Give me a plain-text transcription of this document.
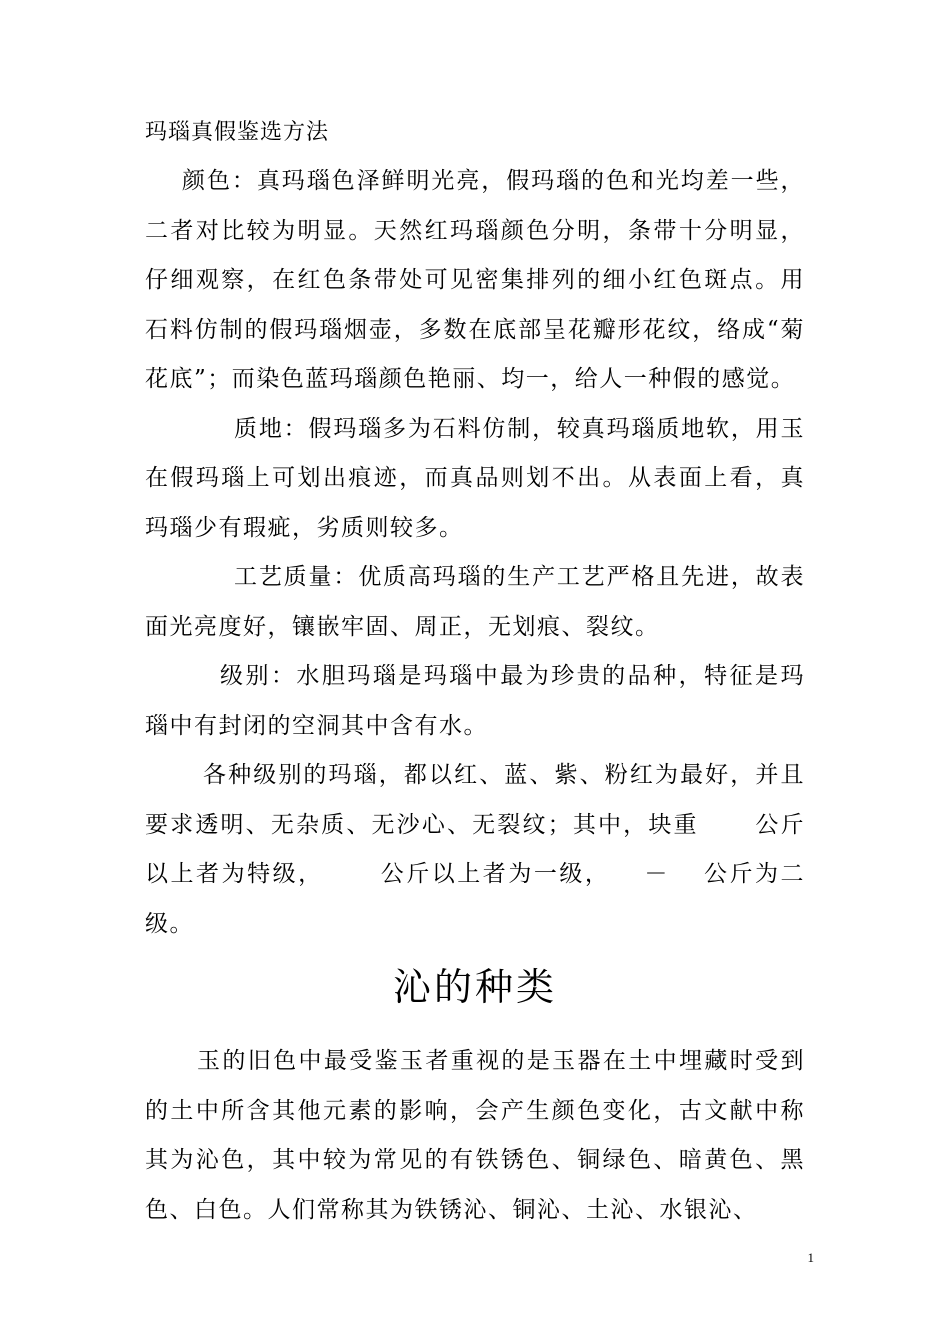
玛瑙真假鉴选方法

颜色：真玛瑙色泽鲜明光亮，假玛瑙的色和光均差一些，二者对比较为明显。天然红玛瑙颜色分明，条带十分明显，仔细观察，在红色条带处可见密集排列的细小红色斑点。用石料仿制的假玛瑙烟壶，多数在底部呈花瓣形花纹，络成“菊花底”；而染色蓝玛瑙颜色艳丽、均一，给人一种假的感觉。

质地：假玛瑙多为石料仿制，较真玛瑙质地软，用玉在假玛瑙上可划出痕迹，而真品则划不出。从表面上看，真玛瑙少有瑕疵，劣质则较多。

工艺质量：优质高玛瑙的生产工艺严格且先进，故表面光亮度好，镶嵌牢固、周正，无划痕、裂纹。

级别：水胆玛瑙是玛瑙中最为珍贵的品种，特征是玛瑙中有封闭的空洞其中含有水。

各种级别的玛瑙，都以红、蓝、紫、粉红为最好，并且要求透明、无杂质、无沙心、无裂纹；其中，块重 公斤以上者为特级， 公斤以上者为一级， － 公斤为二级。

沁的种类

玉的旧色中最受鉴玉者重视的是玉器在土中埋藏时受到的土中所含其他元素的影响，会产生颜色变化，古文献中称其为沁色，其中较为常见的有铁锈色、铜绿色、暗黄色、黑色、白色。人们常称其为铁锈沁、铜沁、土沁、水银沁、

1
